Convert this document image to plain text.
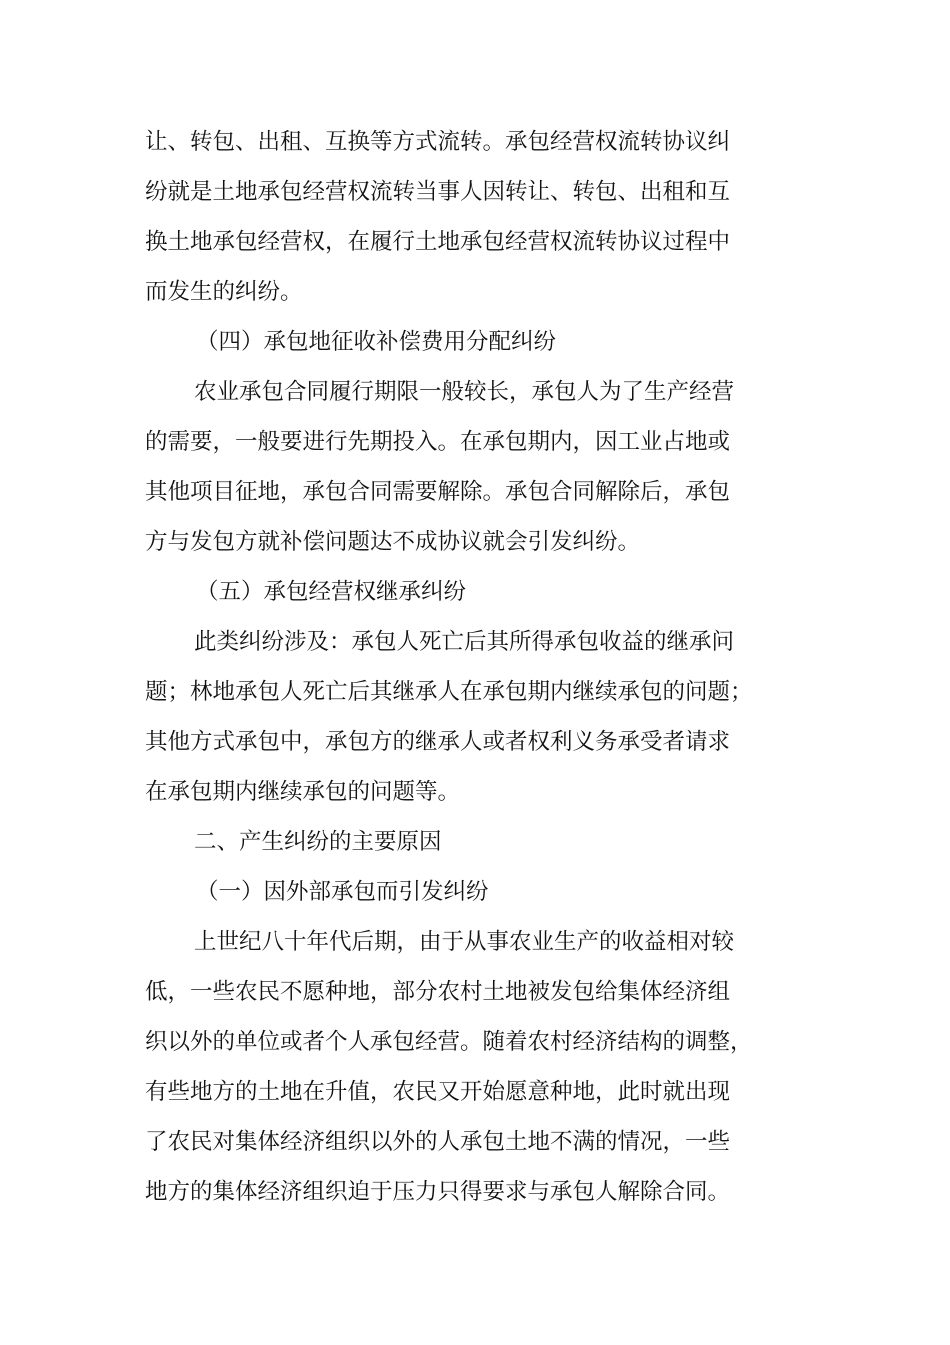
让、转包、出租、互换等方式流转。承包经营权流转协议纠
纷就是土地承包经营权流转当事人因转让、转包、出租和互
换土地承包经营权，在履行土地承包经营权流转协议过程中
而发生的纠纷。
（四）承包地征收补偿费用分配纠纷
农业承包合同履行期限一般较长，承包人为了生产经营
的需要，一般要进行先期投入。在承包期内，因工业占地或
其他项目征地，承包合同需要解除。承包合同解除后，承包
方与发包方就补偿问题达不成协议就会引发纠纷。
（五）承包经营权继承纠纷
此类纠纷涉及：承包人死亡后其所得承包收益的继承问
题；林地承包人死亡后其继承人在承包期内继续承包的问题；
其他方式承包中，承包方的继承人或者权利义务承受者请求
在承包期内继续承包的问题等。
二、产生纠纷的主要原因
（一）因外部承包而引发纠纷
上世纪八十年代后期，由于从事农业生产的收益相对较
低，一些农民不愿种地，部分农村土地被发包给集体经济组
织以外的单位或者个人承包经营。随着农村经济结构的调整，
有些地方的土地在升值，农民又开始愿意种地，此时就出现
了农民对集体经济组织以外的人承包土地不满的情况，一些
地方的集体经济组织迫于压力只得要求与承包人解除合同。
